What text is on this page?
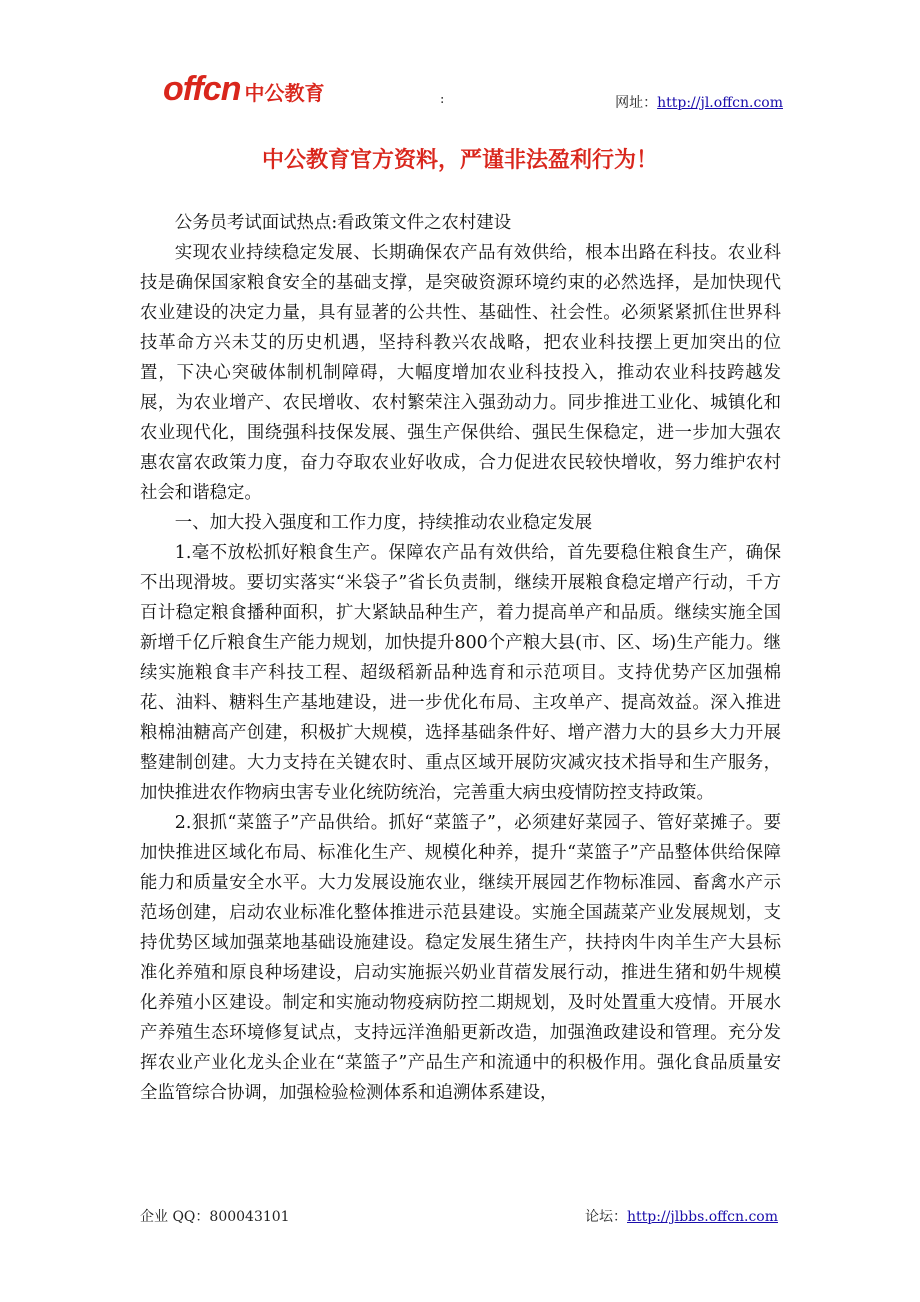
offcn 中公教育	:	网址：http://jl.offcn.com
中公教育官方资料，严谨非法盈利行为！

公务员考试面试热点:看政策文件之农村建设

实现农业持续稳定发展、长期确保农产品有效供给，根本出路在科技。农业科技是确保国家粮食安全的基础支撑，是突破资源环境约束的必然选择，是加快现代农业建设的决定力量，具有显著的公共性、基础性、社会性。必须紧紧抓住世界科技革命方兴未艾的历史机遇，坚持科教兴农战略，把农业科技摆上更加突出的位置，下决心突破体制机制障碍，大幅度增加农业科技投入，推动农业科技跨越发展，为农业增产、农民增收、农村繁荣注入强劲动力。同步推进工业化、城镇化和农业现代化，围绕强科技保发展、强生产保供给、强民生保稳定，进一步加大强农惠农富农政策力度，奋力夺取农业好收成，合力促进农民较快增收，努力维护农村社会和谐稳定。

一、加大投入强度和工作力度，持续推动农业稳定发展

1.毫不放松抓好粮食生产。保障农产品有效供给，首先要稳住粮食生产，确保不出现滑坡。要切实落实“米袋子”省长负责制，继续开展粮食稳定增产行动，千方百计稳定粮食播种面积，扩大紧缺品种生产，着力提高单产和品质。继续实施全国新增千亿斤粮食生产能力规划，加快提升800个产粮大县(市、区、场)生产能力。继续实施粮食丰产科技工程、超级稻新品种选育和示范项目。支持优势产区加强棉花、油料、糖料生产基地建设，进一步优化布局、主攻单产、提高效益。深入推进粮棉油糖高产创建，积极扩大规模，选择基础条件好、增产潜力大的县乡大力开展整建制创建。大力支持在关键农时、重点区域开展防灾减灾技术指导和生产服务，加快推进农作物病虫害专业化统防统治，完善重大病虫疫情防控支持政策。

2.狠抓“菜篮子”产品供给。抓好“菜篮子”，必须建好菜园子、管好菜摊子。要加快推进区域化布局、标准化生产、规模化种养，提升“菜篮子”产品整体供给保障能力和质量安全水平。大力发展设施农业，继续开展园艺作物标准园、畜禽水产示范场创建，启动农业标准化整体推进示范县建设。实施全国蔬菜产业发展规划，支持优势区域加强菜地基础设施建设。稳定发展生猪生产，扶持肉牛肉羊生产大县标准化养殖和原良种场建设，启动实施振兴奶业苜蓿发展行动，推进生猪和奶牛规模化养殖小区建设。制定和实施动物疫病防控二期规划，及时处置重大疫情。开展水产养殖生态环境修复试点，支持远洋渔船更新改造，加强渔政建设和管理。充分发挥农业产业化龙头企业在“菜篮子”产品生产和流通中的积极作用。强化食品质量安全监管综合协调，加强检验检测体系和追溯体系建设，

企业 QQ：800043101	论坛：http://jlbbs.offcn.com
